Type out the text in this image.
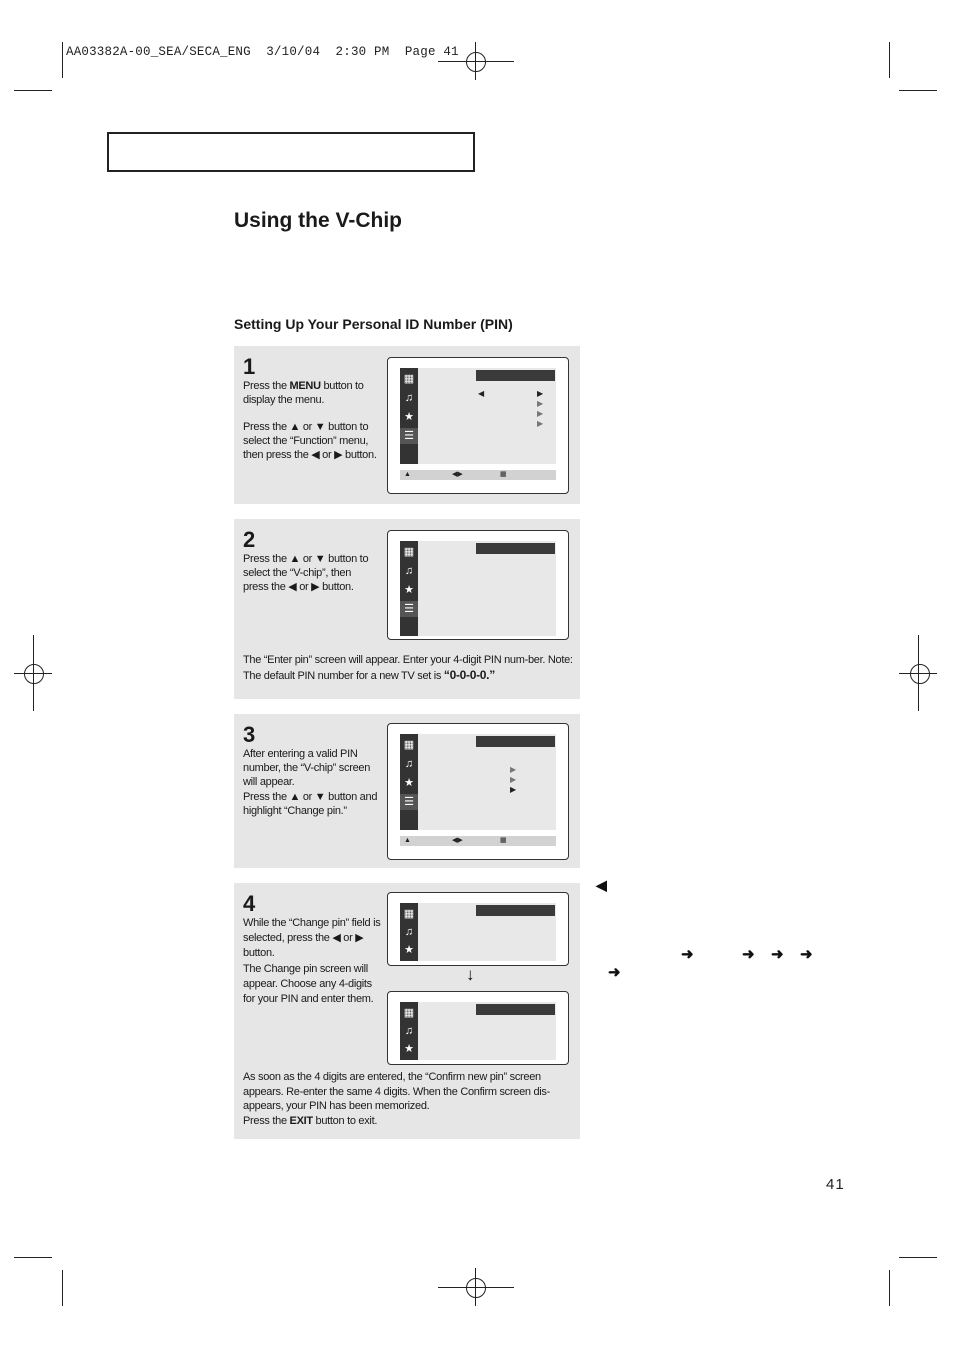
AA03382A-00_SEA/SECA_ENG  3/10/04  2:30 PM  Page 41
Using the V-Chip
Setting Up Your Personal ID Number (PIN)
1

Press the MENU button to display the menu.

Press the ▲ or ▼ button to select the “Function” menu, then press the ◀ or ▶ button.

▦
♫
★
☰
◀	▶
▶
▶
▶
▲	◀▶	▦
2

Press the ▲ or ▼ button to select the “V-chip”, then press the ◀ or ▶ button.

▦
♫
★
☰
The “Enter pin” screen will appear. Enter your 4-digit PIN num-ber. Note: The default PIN number for a new TV set is “0-0-0-0.”
3

After entering a valid PIN number, the “V-chip” screen will appear.

Press the ▲ or ▼ button and highlight “Change pin.”

▦
♫
★
☰
▶
▶
▶
▲	◀▶	▦
4

While the “Change pin” field is selected, press the ◀ or ▶ button.

The Change pin screen will appear. Choose any 4-digits for your PIN and enter them.

▦
♫
★
↓
▦
♫
★
As soon as the 4 digits are entered, the “Confirm new pin” screen appears. Re-enter the same 4 digits. When the Confirm screen dis-appears, your PIN has been memorized.
Press the EXIT button to exit.
◀
➜	➜ ➜ ➜
➜
41
